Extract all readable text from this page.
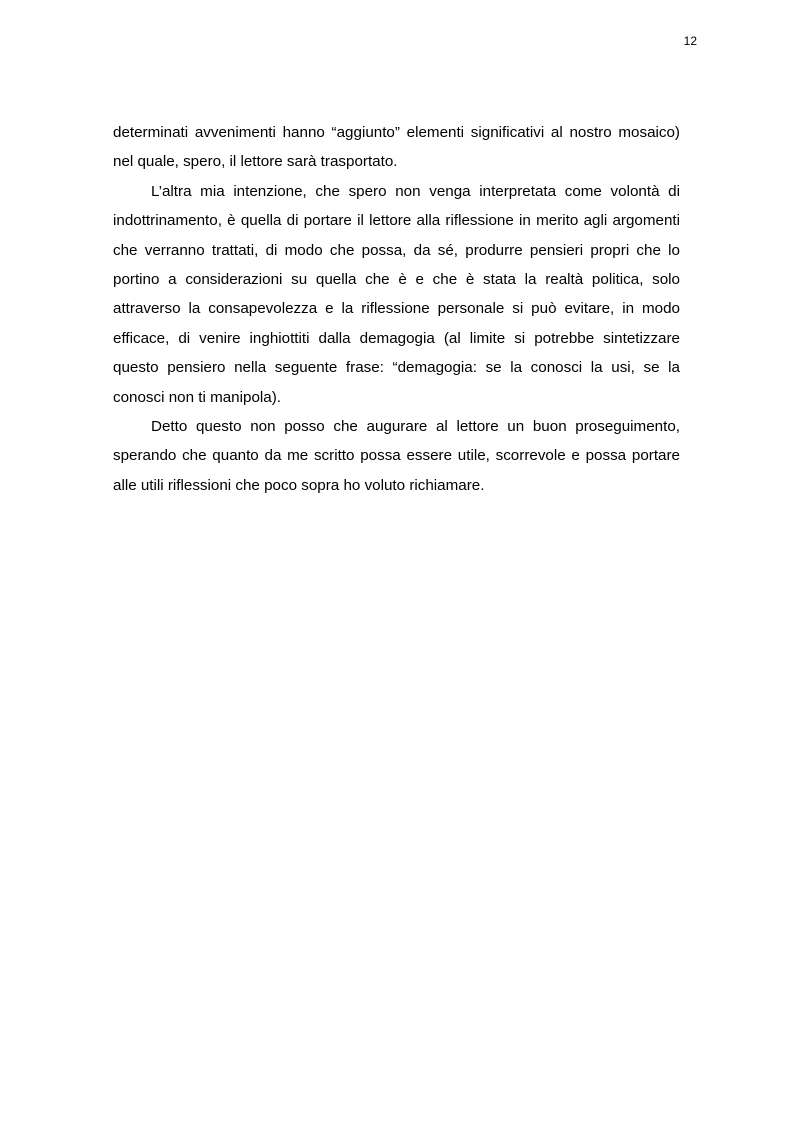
12

determinati avvenimenti hanno “aggiunto” elementi significativi al nostro mosaico) nel quale, spero, il lettore sarà trasportato.

L’altra mia intenzione, che spero non venga interpretata come volontà di indottrinamento, è quella di portare il lettore alla riflessione in merito agli argomenti che verranno trattati, di modo che possa, da sé, produrre pensieri propri che lo portino a considerazioni su quella che è e che è stata la realtà politica, solo attraverso la consapevolezza e la riflessione personale si può evitare, in modo efficace, di venire inghiottiti dalla demagogia (al limite si potrebbe sintetizzare questo pensiero nella seguente frase: “demagogia: se la conosci la usi, se la conosci non ti manipola).

Detto questo non posso che augurare al lettore un buon proseguimento, sperando che quanto da me scritto possa essere utile, scorrevole e possa portare alle utili riflessioni che poco sopra ho voluto richiamare.
